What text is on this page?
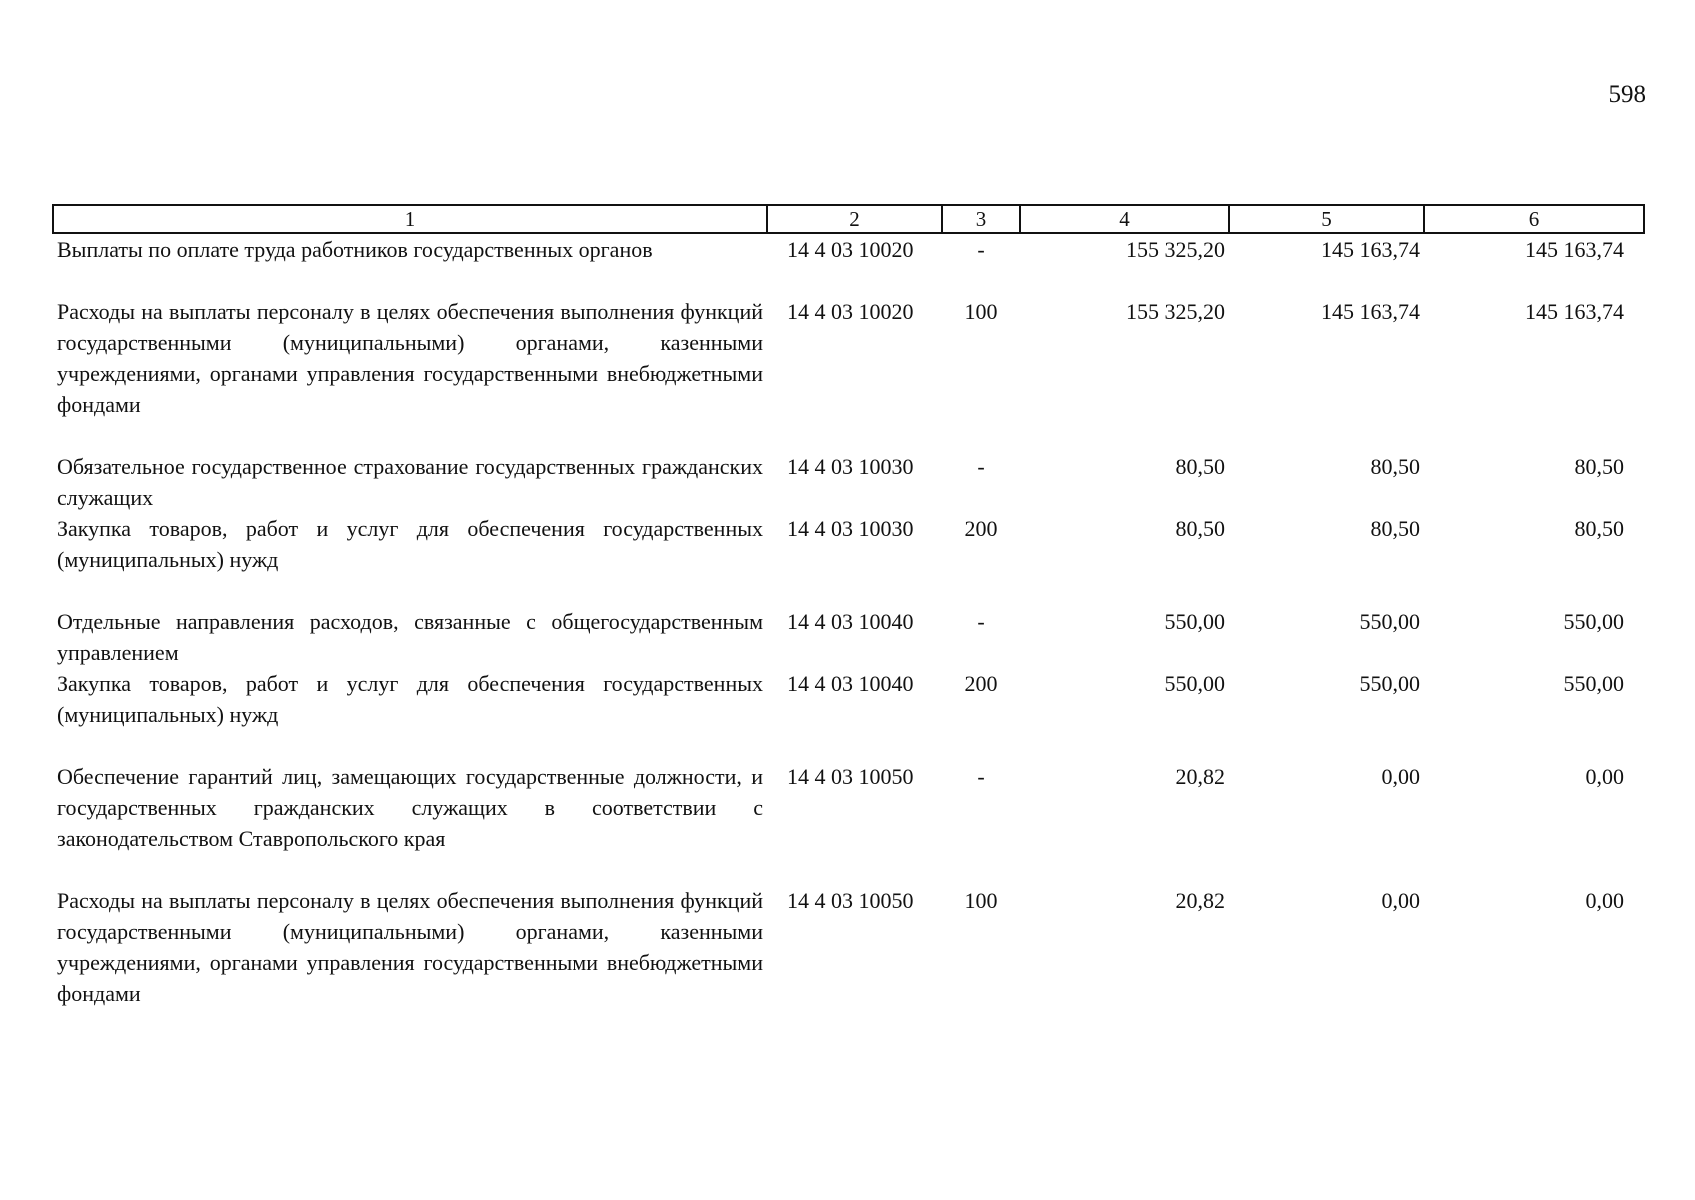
598
1	2	3	4	5	6
Выплаты по оплате труда работников государственных органов	14 4 03 10020	-	155 325,20	145 163,74	145 163,74
Расходы на выплаты персоналу в целях обеспечения выполнения функций государственными (муниципальными) органами, казенными учреждениями, органами управления государственными внебюджетными фондами	14 4 03 10020	100	155 325,20	145 163,74	145 163,74
Обязательное государственное страхование государственных гражданских служащих	14 4 03 10030	-	80,50	80,50	80,50
Закупка товаров, работ и услуг для обеспечения государственных (муниципальных) нужд	14 4 03 10030	200	80,50	80,50	80,50
Отдельные направления расходов, связанные с общегосударственным управлением	14 4 03 10040	-	550,00	550,00	550,00
Закупка товаров, работ и услуг для обеспечения государственных (муниципальных) нужд	14 4 03 10040	200	550,00	550,00	550,00
Обеспечение гарантий лиц, замещающих государственные должности, и государственных гражданских служащих в соответствии с законодательством Ставропольского края	14 4 03 10050	-	20,82	0,00	0,00
Расходы на выплаты персоналу в целях обеспечения выполнения функций государственными (муниципальными) органами, казенными учреждениями, органами управления государственными внебюджетными фондами	14 4 03 10050	100	20,82	0,00	0,00
